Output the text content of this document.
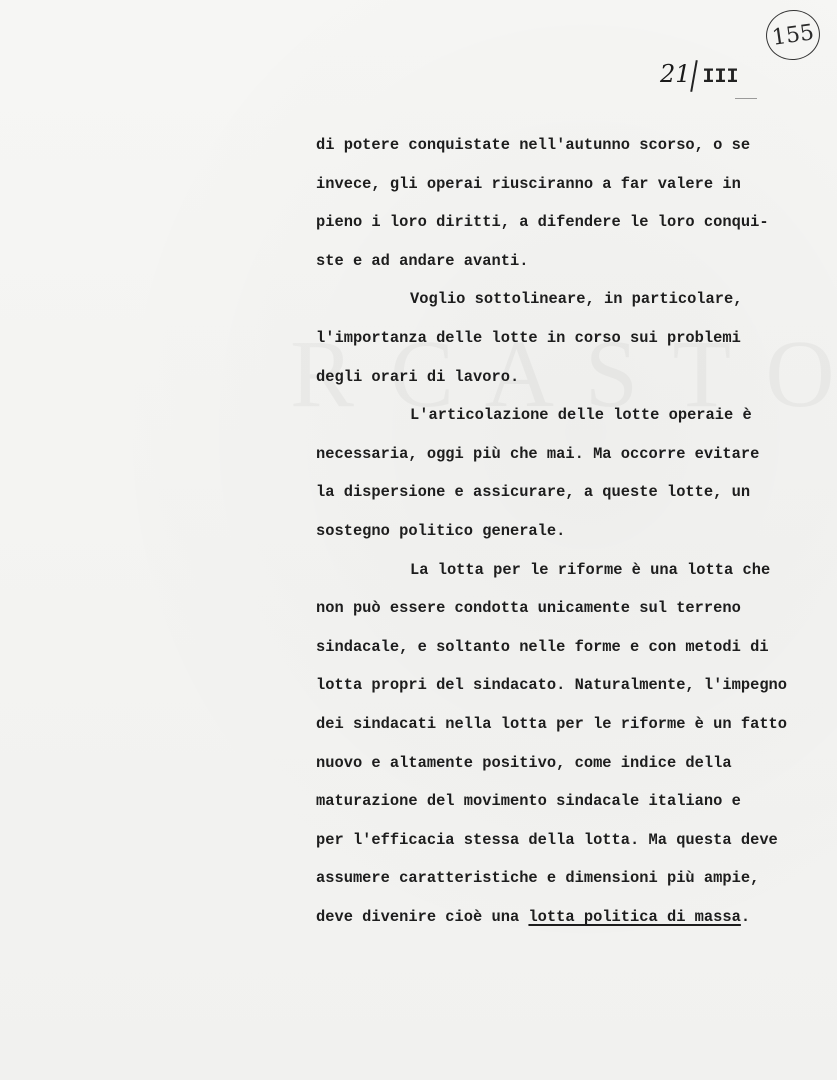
155
21 III
di potere conquistate nell'autunno scorso, o se
invece, gli operai riusciranno a far valere in
pieno i loro diritti, a difendere le loro conqui-
ste e ad andare avanti.
Voglio sottolineare, in particolare,
l'importanza delle lotte in corso sui problemi
degli orari di lavoro.
L'articolazione delle lotte operaie è
necessaria, oggi più che mai. Ma occorre evitare
la dispersione e assicurare, a queste lotte, un
sostegno politico generale.
La lotta per le riforme è una lotta che
non può essere condotta unicamente sul terreno
sindacale, e soltanto nelle forme e con metodi di
lotta propri del sindacato. Naturalmente, l'impegno
dei sindacati nella lotta per le riforme è un fatto
nuovo e altamente positivo, come indice della
maturazione del movimento sindacale italiano e
per l'efficacia stessa della lotta. Ma questa deve
assumere caratteristiche e dimensioni più ampie,
deve divenire cioè una lotta politica di massa.
